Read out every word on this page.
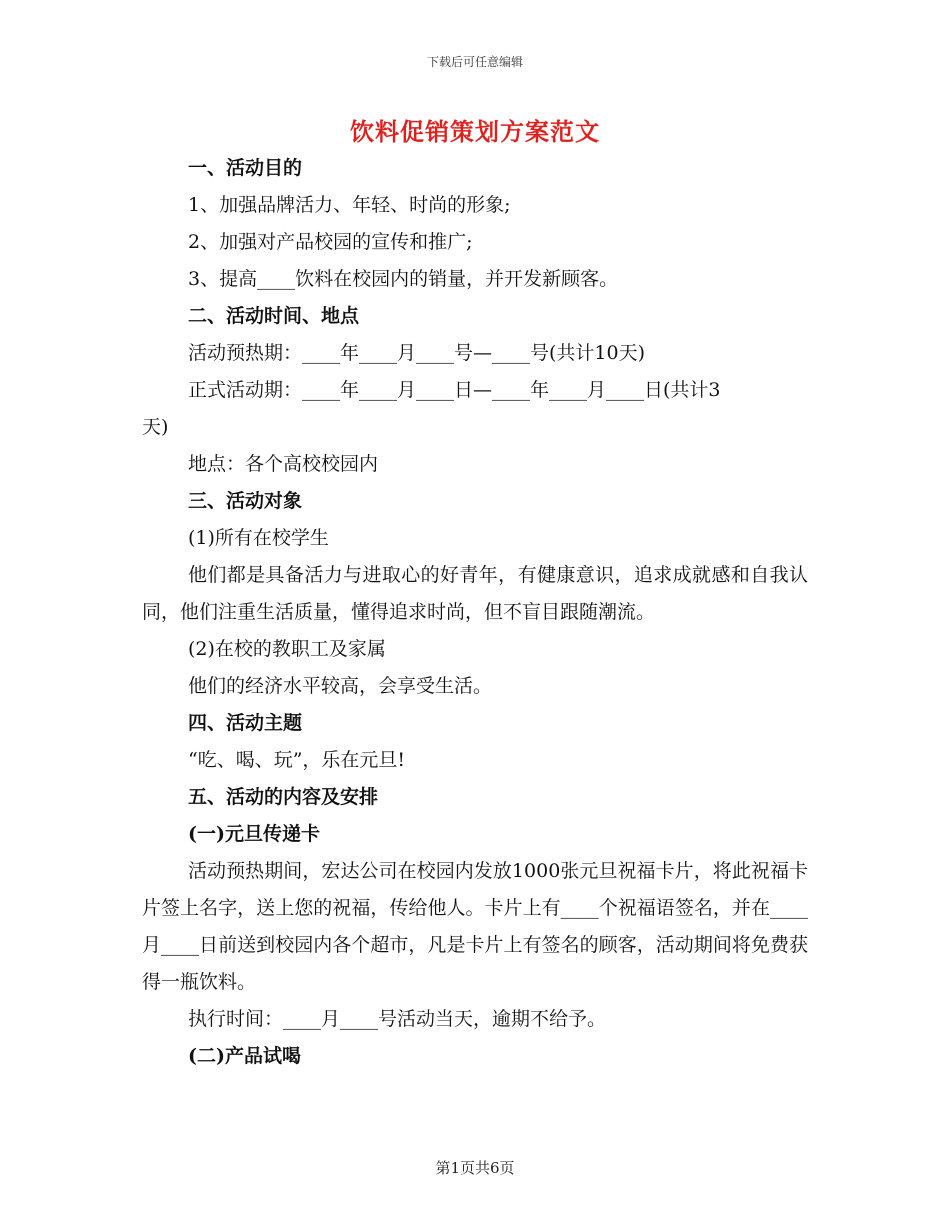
下载后可任意编辑
饮料促销策划方案范文
一、活动目的
1、加强品牌活力、年轻、时尚的形象;
2、加强对产品校园的宣传和推广;
3、提高____饮料在校园内的销量，并开发新顾客。
二、活动时间、地点
活动预热期：____年____月____号—____号(共计10天)
正式活动期：____年____月____日—____年____月____日(共计3
天)
地点：各个高校校园内
三、活动对象
(1)所有在校学生
他们都是具备活力与进取心的好青年，有健康意识，追求成就感和自我认同，他们注重生活质量，懂得追求时尚，但不盲目跟随潮流。
(2)在校的教职工及家属
他们的经济水平较高，会享受生活。
四、活动主题
“吃、喝、玩”，乐在元旦!
五、活动的内容及安排
(一)元旦传递卡
活动预热期间，宏达公司在校园内发放1000张元旦祝福卡片，将此祝福卡片签上名字，送上您的祝福，传给他人。卡片上有____个祝福语签名，并在____月____日前送到校园内各个超市，凡是卡片上有签名的顾客，活动期间将免费获得一瓶饮料。
执行时间：____月____号活动当天，逾期不给予。
(二)产品试喝
第1页共6页
